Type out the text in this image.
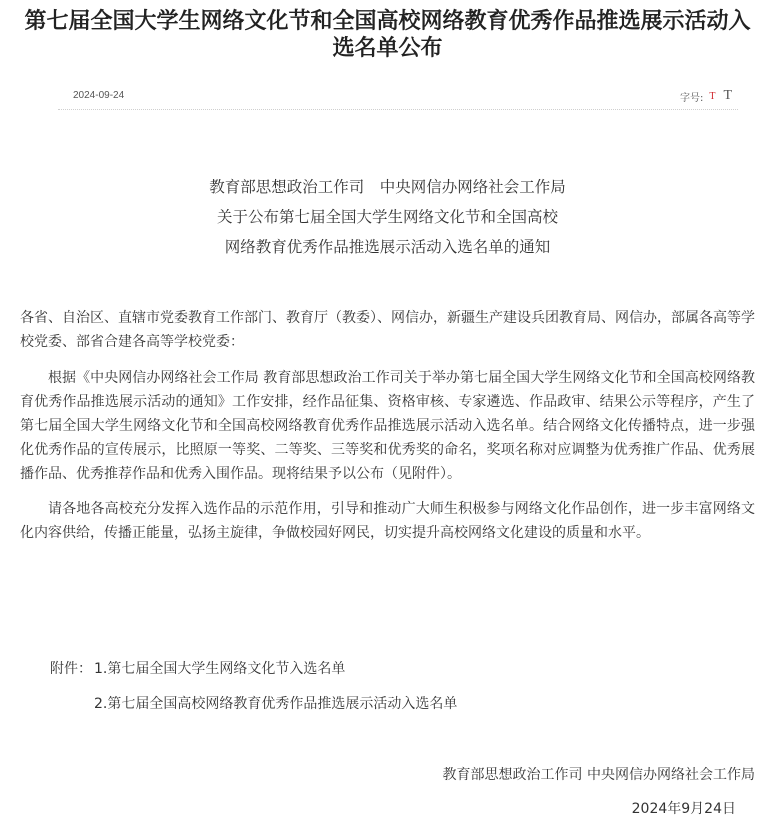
第七届全国大学生网络文化节和全国高校网络教育优秀作品推选展示活动入选名单公布
2024-09-24	字号: T T
教育部思想政治工作司　中央网信办网络社会工作局
关于公布第七届全国大学生网络文化节和全国高校
网络教育优秀作品推选展示活动入选名单的通知
各省、自治区、直辖市党委教育工作部门、教育厅（教委）、网信办，新疆生产建设兵团教育局、网信办，部属各高等学校党委、部省合建各高等学校党委：
根据《中央网信办网络社会工作局 教育部思想政治工作司关于举办第七届全国大学生网络文化节和全国高校网络教育优秀作品推选展示活动的通知》工作安排，经作品征集、资格审核、专家遴选、作品政审、结果公示等程序，产生了第七届全国大学生网络文化节和全国高校网络教育优秀作品推选展示活动入选名单。结合网络文化传播特点，进一步强化优秀作品的宣传展示，比照原一等奖、二等奖、三等奖和优秀奖的命名，奖项名称对应调整为优秀推广作品、优秀展播作品、优秀推荐作品和优秀入围作品。现将结果予以公布（见附件）。
请各地各高校充分发挥入选作品的示范作用，引导和推动广大师生积极参与网络文化作品创作，进一步丰富网络文化内容供给，传播正能量，弘扬主旋律，争做校园好网民，切实提升高校网络文化建设的质量和水平。
附件： 1.第七届全国大学生网络文化节入选名单
2.第七届全国高校网络教育优秀作品推选展示活动入选名单
教育部思想政治工作司 中央网信办网络社会工作局
2024年9月24日
